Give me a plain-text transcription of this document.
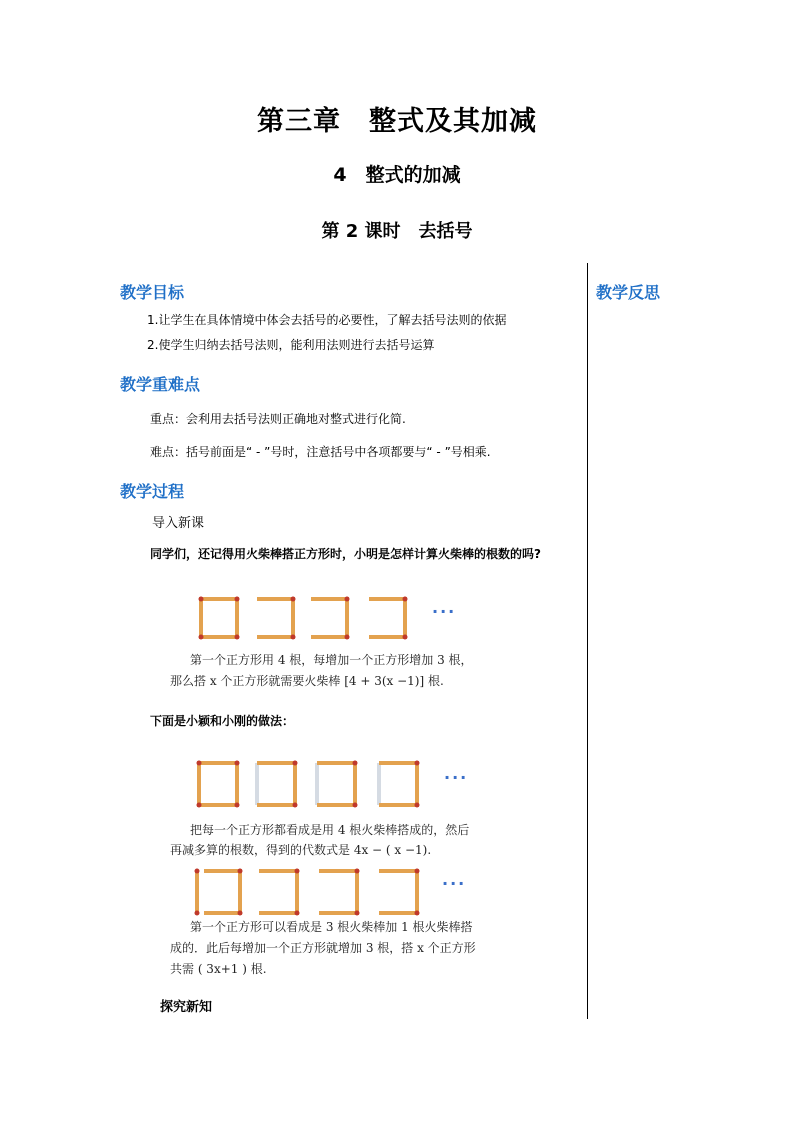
第三章　整式及其加减
4　整式的加减
第 2 课时　去括号
教学反思
教学目标
1.让学生在具体情境中体会去括号的必要性，了解去括号法则的依据
2.使学生归纳去括号法则，能利用法则进行去括号运算
教学重难点
重点：会利用去括号法则正确地对整式进行化简.
难点：括号前面是“ - ”号时，注意括号中各项都要与“ - ”号相乘.
教学过程
导入新课
同学们，还记得用火柴棒搭正方形时，小明是怎样计算火柴棒的根数的吗?
···
第一个正方形用 4 根，每增加一个正方形增加 3 根，
那么搭 x 个正方形就需要火柴棒 [4 + 3(x −1)] 根.
下面是小颖和小刚的做法：
···
把每一个正方形都看成是用 4 根火柴棒搭成的，然后
再减多算的根数，得到的代数式是 4x − ( x −1).
···
第一个正方形可以看成是 3 根火柴棒加 1 根火柴棒搭
成的．此后每增加一个正方形就增加 3 根，搭 x 个正方形
共需 ( 3x+1 ) 根.
探究新知
